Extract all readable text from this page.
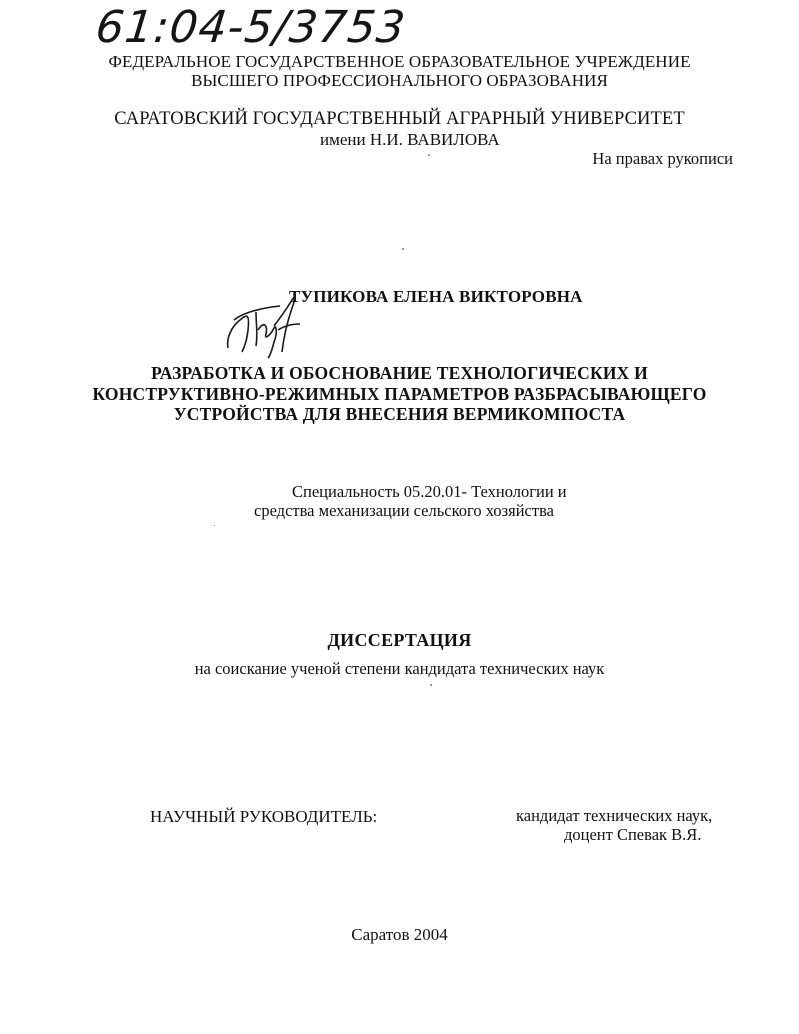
61:04-5/3753
ФЕДЕРАЛЬНОЕ ГОСУДАРСТВЕННОЕ ОБРАЗОВАТЕЛЬНОЕ УЧРЕЖДЕНИЕ
ВЫСШЕГО ПРОФЕССИОНАЛЬНОГО ОБРАЗОВАНИЯ
САРАТОВСКИЙ ГОСУДАРСТВЕННЫЙ АГРАРНЫЙ УНИВЕРСИТЕТ
имени Н.И. ВАВИЛОВА
На правах рукописи
ТУПИКОВА ЕЛЕНА ВИКТОРОВНА
РАЗРАБОТКА И ОБОСНОВАНИЕ ТЕХНОЛОГИЧЕСКИХ И
КОНСТРУКТИВНО-РЕЖИМНЫХ ПАРАМЕТРОВ РАЗБРАСЫВАЮЩЕГО
УСТРОЙСТВА ДЛЯ ВНЕСЕНИЯ ВЕРМИКОМПОСТА
Специальность 05.20.01- Технологии и
средства механизации сельского хозяйства
ДИССЕРТАЦИЯ
на соискание ученой степени кандидата технических наук
НАУЧНЫЙ РУКОВОДИТЕЛЬ:	кандидат технических наук,
доцент Спевак В.Я.
Саратов 2004
